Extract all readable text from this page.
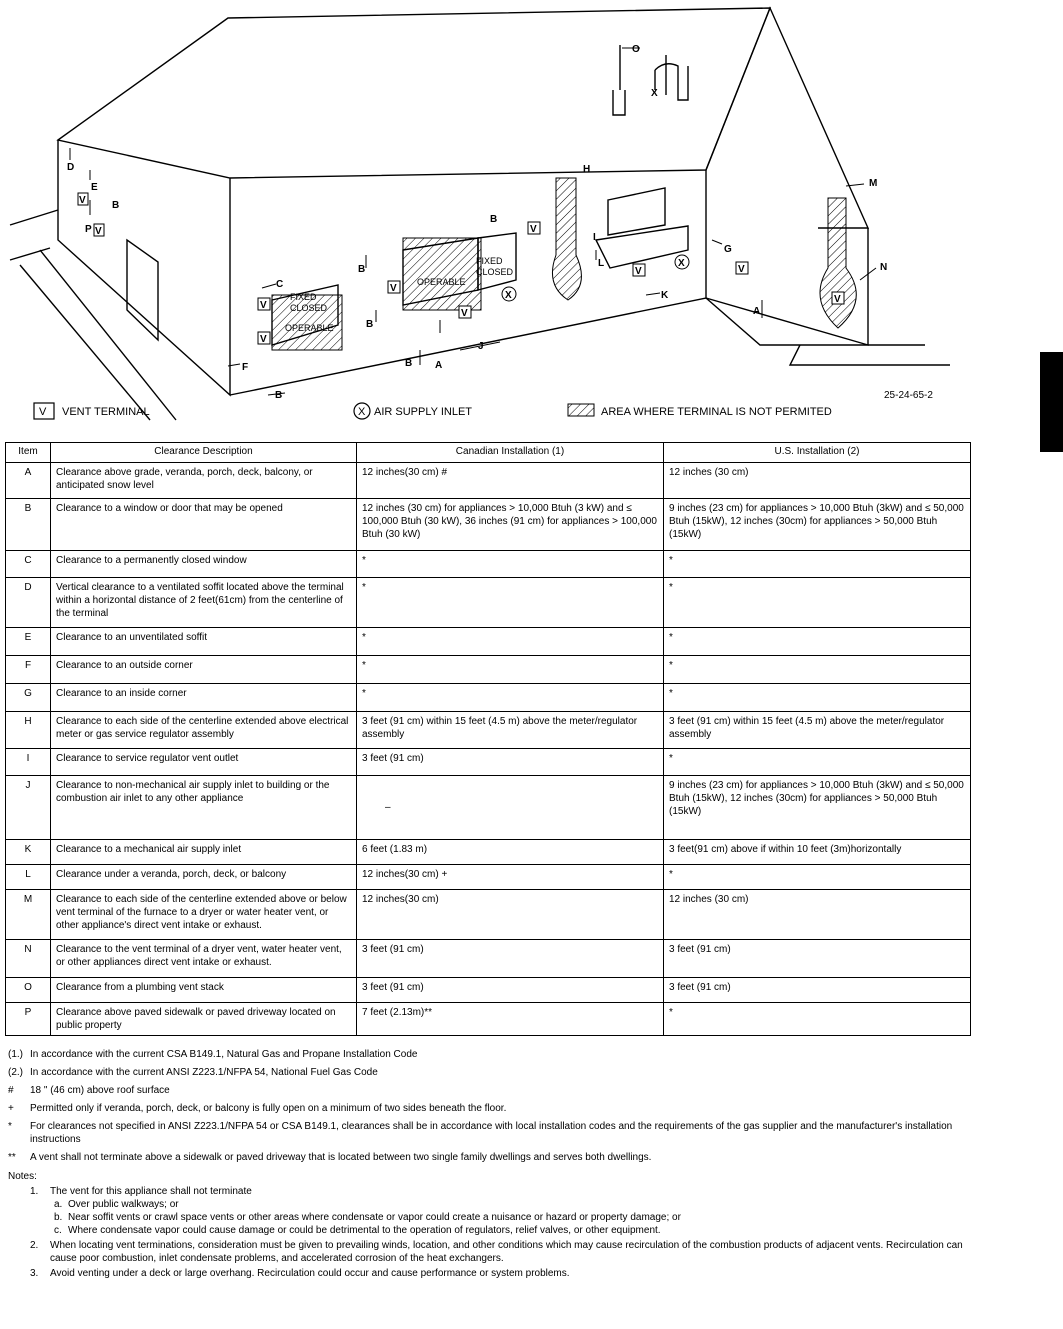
FIXED
CLOSED
OPERABLE
OPERABLE
FIXED
CLOSED
V
V
V
V
V
V
V
V	V
V
X
X
X
D
E
B
P
C
F
B
B
B
B A
B
J
H
I
L
K
G
A
M
N
O
25-24-65-2
V VENT TERMINAL	X AIR SUPPLY INLET	AREA WHERE TERMINAL IS NOT PERMITED
Item	Clearance Description	Canadian Installation (1)	U.S. Installation (2)
A	Clearance above grade, veranda, porch, deck, balcony, or anticipated snow level	12 inches(30 cm) #	12 inches (30 cm)
B	Clearance to a window or door that may be opened	12 inches (30 cm) for appliances > 10,000 Btuh (3 kW) and ≤ 100,000 Btuh (30 kW), 36 inches (91 cm) for appliances > 100,000 Btuh (30 kW)	9 inches (23 cm) for appliances > 10,000 Btuh (3kW) and ≤ 50,000 Btuh (15kW), 12 inches (30cm) for appliances > 50,000 Btuh (15kW)
C	Clearance to a permanently closed window	*	*
D	Vertical clearance to a ventilated soffit located above the terminal within a horizontal distance of 2 feet(61cm) from the centerline of the terminal	*	*
E	Clearance to an unventilated soffit	*	*
F	Clearance to an outside corner	*	*
G	Clearance to an inside corner	*	*
H	Clearance to each side of the centerline extended above electrical meter or gas service regulator assembly	3 feet (91 cm) within 15 feet (4.5 m) above the meter/regulator assembly	3 feet (91 cm) within 15 feet (4.5 m) above the meter/regulator assembly
I	Clearance to service regulator vent outlet	3 feet (91 cm)	*
J	Clearance to non-mechanical air supply inlet to building or the combustion air inlet to any other appliance	–	9 inches (23 cm) for appliances > 10,000 Btuh (3kW) and ≤ 50,000 Btuh (15kW), 12 inches (30cm) for appliances > 50,000 Btuh (15kW)
K	Clearance to a mechanical air supply inlet	6 feet (1.83 m)	3 feet(91 cm) above if within 10 feet (3m)horizontally
L	Clearance under a veranda, porch, deck, or balcony	12 inches(30 cm) +	*
M	Clearance to each side of the centerline extended above or below vent terminal of the furnace to a dryer or water heater vent, or other appliance's direct vent intake or exhaust.	12 inches(30 cm)	12 inches (30 cm)
N	Clearance to the vent terminal of a dryer vent, water heater vent, or other appliances direct vent intake or exhaust.	3 feet (91 cm)	3 feet (91 cm)
O	Clearance from a plumbing vent stack	3 feet (91 cm)	3 feet (91 cm)
P	Clearance above paved sidewalk or paved driveway located on public property	7 feet (2.13m)**	*
(1.) In accordance with the current CSA B149.1, Natural Gas and Propane Installation Code
(2.) In accordance with the current ANSI Z223.1/NFPA 54, National Fuel Gas Code
#	18 " (46 cm) above roof surface
+	Permitted only if veranda, porch, deck, or balcony is fully open on a minimum of two sides beneath the floor.
*	For clearances not specified in ANSI Z223.1/NFPA 54 or CSA B149.1, clearances shall be in accordance with local installation codes and the requirements of the gas supplier and the manufacturer's installation instructions
**	A vent shall not terminate above a sidewalk or paved driveway that is located between two single family dwellings and serves both dwellings.
Notes:
1.	The vent for this appliance shall not terminate
a. Over public walkways; or
b. Near soffit vents or crawl space vents or other areas where condensate or vapor could create a nuisance or hazard or property damage; or
c. Where condensate vapor could cause damage or could be detrimental to the operation of regulators, relief valves, or other equipment.
2.	When locating vent terminations, consideration must be given to prevailing winds, location, and other conditions which may cause recirculation of the combustion products of adjacent vents. Recirculation can cause poor combustion, inlet condensate problems, and accelerated corrosion of the heat exchangers.
3.	Avoid venting under a deck or large overhang. Recirculation could occur and cause performance or system problems.
